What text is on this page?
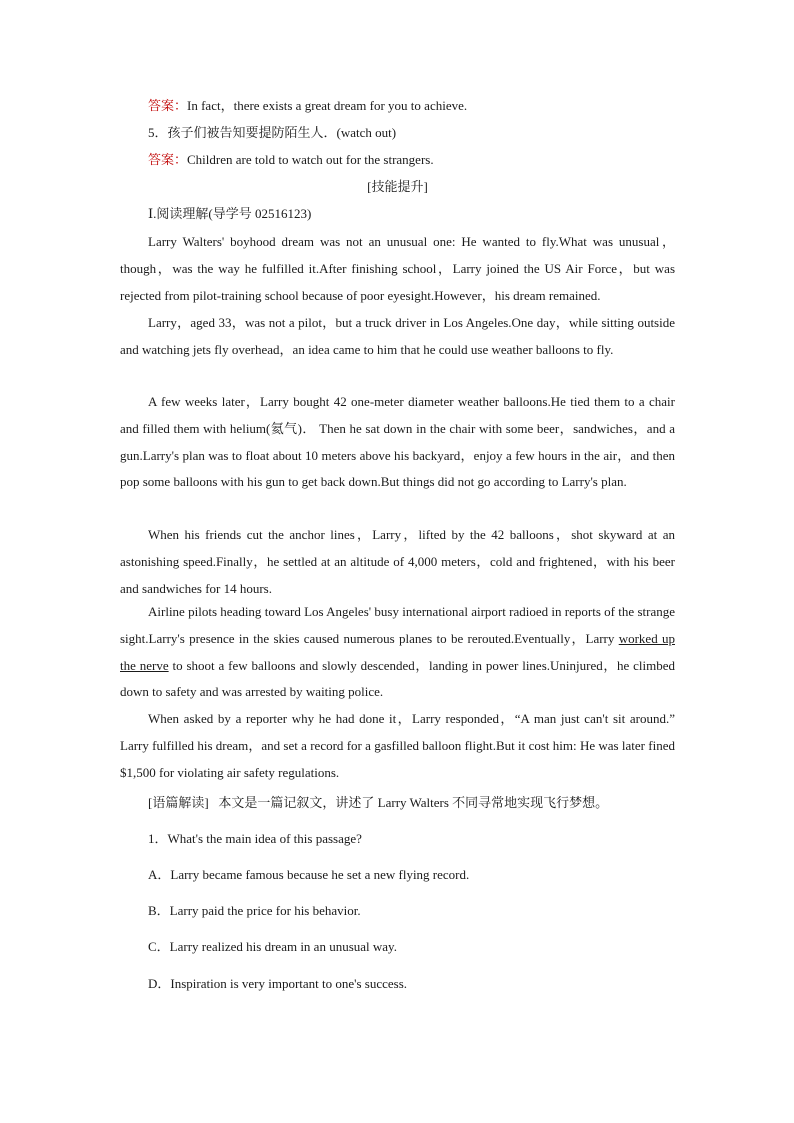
答案：In fact，there exists a great dream for you to achieve.
5．孩子们被告知要提防陌生人．(watch out)
答案：Children are told to watch out for the strangers.
[技能提升]
Ⅰ.阅读理解(导学号 02516123)
Larry Walters' boyhood dream was not an unusual one: He wanted to fly.What was unusual，though，was the way he fulfilled it.After finishing school，Larry joined the US Air Force，but was rejected from pilot-training school because of poor eyesight.However，his dream remained.
Larry，aged 33，was not a pilot，but a truck driver in Los Angeles.One day，while sitting outside and watching jets fly overhead，an idea came to him that he could use weather balloons to fly.
A few weeks later，Larry bought 42 one-meter diameter weather balloons.He tied them to a chair and filled them with helium(氦气)． Then he sat down in the chair with some beer，sandwiches，and a gun.Larry's plan was to float about 10 meters above his backyard，enjoy a few hours in the air，and then pop some balloons with his gun to get back down.But things did not go according to Larry's plan.
When his friends cut the anchor lines，Larry，lifted by the 42 balloons，shot skyward at an astonishing speed.Finally，he settled at an altitude of 4,000 meters，cold and frightened，with his beer and sandwiches for 14 hours.
Airline pilots heading toward Los Angeles' busy international airport radioed in reports of the strange sight.Larry's presence in the skies caused numerous planes to be rerouted.Eventually，Larry worked up the nerve to shoot a few balloons and slowly descended，landing in power lines.Uninjured，he climbed down to safety and was arrested by waiting police.
When asked by a reporter why he had done it，Larry responded，“A man just can't sit around.” Larry fulfilled his dream，and set a record for a gasfilled balloon flight.But it cost him: He was later fined $1,500 for violating air safety regulations.
[语篇解读] 本文是一篇记叙文，讲述了 Larry Walters 不同寻常地实现飞行梦想。
1．What's the main idea of this passage?
A．Larry became famous because he set a new flying record.
B．Larry paid the price for his behavior.
C．Larry realized his dream in an unusual way.
D．Inspiration is very important to one's success.
